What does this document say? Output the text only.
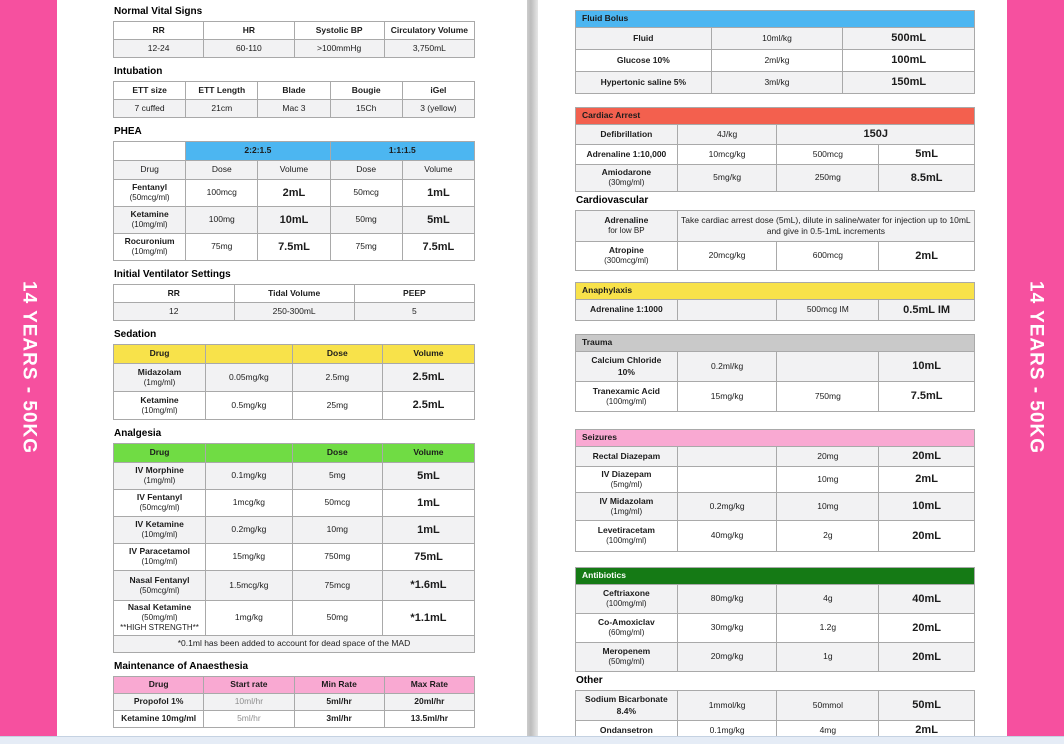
14 YEARS - 50KG
Normal Vital Signs
RR	HR	Systolic BP	Circulatory Volume

12-24	60-110	>100mmHg	3,750mL
Intubation
ETT size	ETT Length	Blade	Bougie	iGel

7 cuffed	21cm	Mac 3	15Ch	3 (yellow)
PHEA

	2:2:1.5		1:1:1.5	

Drug	Dose	Volume	Dose	Volume

Fentanyl
(50mcg/ml)	100mcg	2mL	50mcg	1mL

Ketamine
(10mg/ml)	100mg	10mL	50mg	5mL

Rocuronium
(10mg/ml)	75mg	7.5mL	75mg	7.5mL
Initial Ventilator Settings
RR	Tidal Volume	PEEP

12	250-300mL	5
Sedation
Drug		Dose	Volume

Midazolam
(1mg/ml)	0.05mg/kg	2.5mg	2.5mL

Ketamine
(10mg/ml)	0.5mg/kg	25mg	2.5mL
Analgesia
Drug		Dose	Volume

IV Morphine
(1mg/ml)	0.1mg/kg	5mg	5mL

IV Fentanyl
(50mcg/ml)	1mcg/kg	50mcg	1mL

IV Ketamine
(10mg/ml)	0.2mg/kg	10mg	1mL

IV Paracetamol
(10mg/ml)	15mg/kg	750mg	75mL

Nasal Fentanyl
(50mcg/ml)	1.5mcg/kg	75mcg	*1.6mL

Nasal Ketamine
(50mg/ml)
**HIGH STRENGTH**	1mg/kg	50mg	*1.1mL

*0.1ml has been added to account for dead space of the MAD			
Maintenance of Anaesthesia
Drug	Start rate	Min Rate	Max Rate

Propofol 1%	10ml/hr	5ml/hr	20ml/hr

Ketamine 10mg/ml	5ml/hr	3ml/hr	13.5ml/hr
14 YEARS - 50KG
Fluid Bolus		

Fluid	10ml/kg	500mL

Glucose 10%	2ml/kg	100mL

Hypertonic saline 5%	3ml/kg	150mL
Cardiac Arrest			

Defibrillation	4J/kg	150J	

Adrenaline 1:10,000	10mcg/kg	500mcg	5mL

Amiodarone
(30mg/ml)	5mg/kg	250mg	8.5mL
Cardiovascular
Adrenaline
for low BP	Take cardiac arrest dose (5mL), dilute in saline/water for injection up to 10mL and give in 0.5-1mL increments		

Atropine
(300mcg/ml)	20mcg/kg	600mcg	2mL
Anaphylaxis

Adrenaline 1:1000		500mcg IM	0.5mL IM
Trauma			

Calcium Chloride
10%	0.2ml/kg		10mL

Tranexamic Acid
(100mg/ml)	15mg/kg	750mg	7.5mL
Seizures			

Rectal Diazepam		20mg	20mL

IV Diazepam
(5mg/ml)		10mg	2mL

IV Midazolam
(1mg/ml)	0.2mg/kg	10mg	10mL

Levetiracetam
(100mg/ml)	40mg/kg	2g	20mL
Antibiotics			

Ceftriaxone
(100mg/ml)	80mg/kg	4g	40mL

Co-Amoxiclav
(60mg/ml)	30mg/kg	1.2g	20mL

Meropenem
(50mg/ml)	20mg/kg	1g	20mL
Other
Sodium Bicarbonate
8.4%	1mmol/kg	50mmol	50mL

Ondansetron	0.1mg/kg	4mg	2mL
